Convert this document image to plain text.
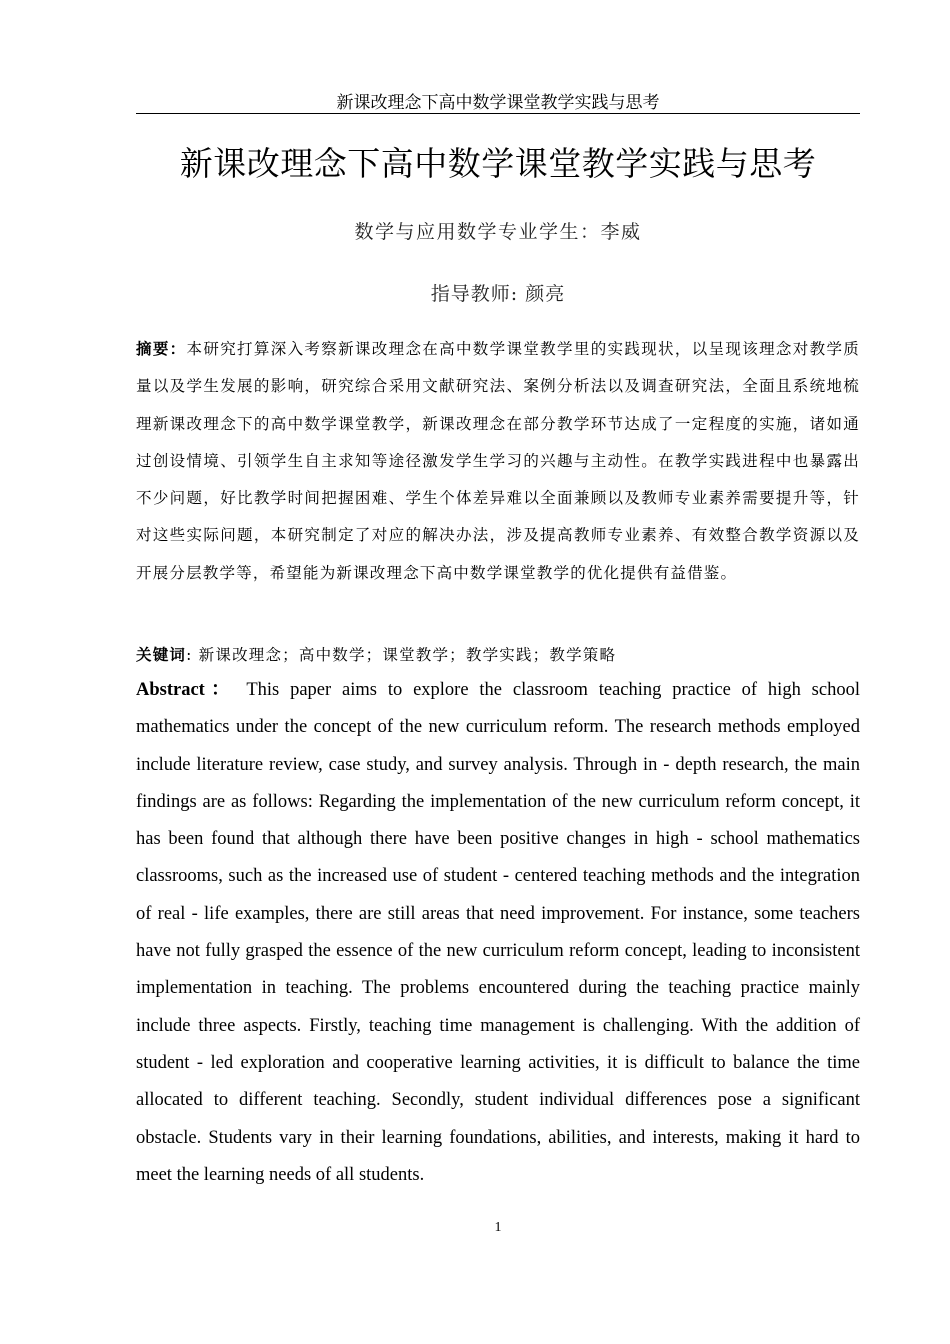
新课改理念下高中数学课堂教学实践与思考
新课改理念下高中数学课堂教学实践与思考
数学与应用数学专业学生：李威
指导教师: 颜亮

摘要：本研究打算深入考察新课改理念在高中数学课堂教学里的实践现状，以呈现该理念对教学质量以及学生发展的影响，研究综合采用文献研究法、案例分析法以及调查研究法，全面且系统地梳理新课改理念下的高中数学课堂教学，新课改理念在部分教学环节达成了一定程度的实施，诸如通过创设情境、引领学生自主求知等途径激发学生学习的兴趣与主动性。在教学实践进程中也暴露出不少问题，好比教学时间把握困难、学生个体差异难以全面兼顾以及教师专业素养需要提升等，针对这些实际问题，本研究制定了对应的解决办法，涉及提高教师专业素养、有效整合教学资源以及开展分层教学等，希望能为新课改理念下高中数学课堂教学的优化提供有益借鉴。

关键词: 新课改理念；高中数学；课堂教学；教学实践；教学策略

Abstract： This paper aims to explore the classroom teaching practice of high school mathematics under the concept of the new curriculum reform. The research methods employed include literature review, case study, and survey analysis. Through in - depth research, the main findings are as follows: Regarding the implementation of the new curriculum reform concept, it has been found that although there have been positive changes in high - school mathematics classrooms, such as the increased use of student - centered teaching methods and the integration of real - life examples, there are still areas that need improvement. For instance, some teachers have not fully grasped the essence of the new curriculum reform concept, leading to inconsistent implementation in teaching. The problems encountered during the teaching practice mainly include three aspects. Firstly, teaching time management is challenging. With the addition of student - led exploration and cooperative learning activities, it is difficult to balance the time allocated to different teaching. Secondly, student individual differences pose a significant obstacle. Students vary in their learning foundations, abilities, and interests, making it hard to meet the learning needs of all students.

1
